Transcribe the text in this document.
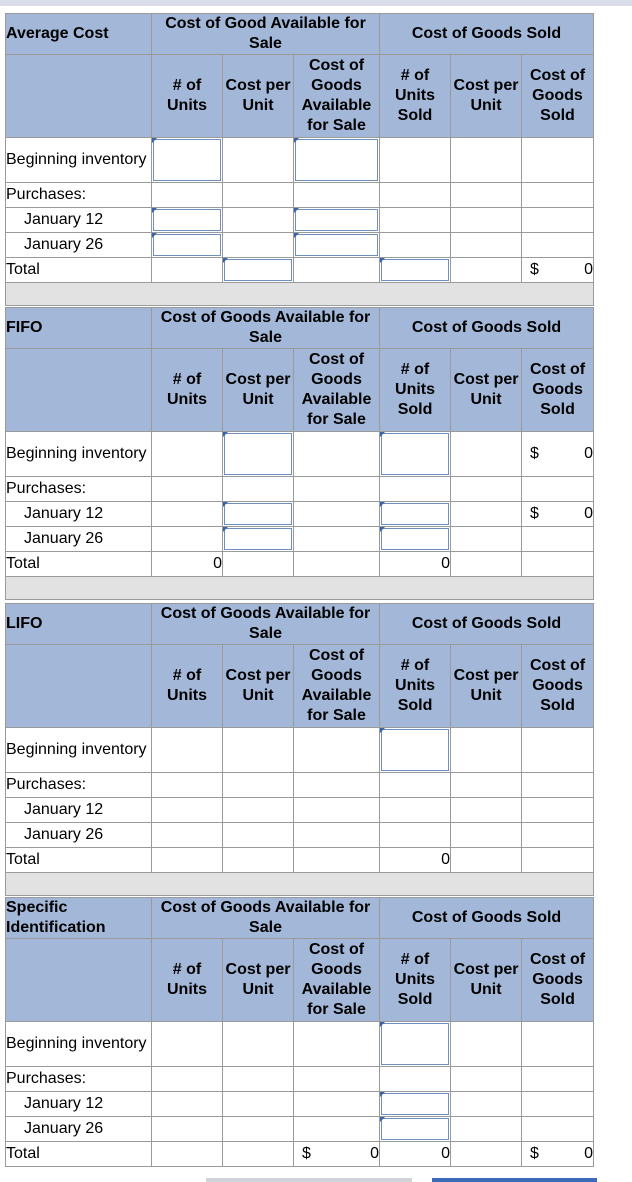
Average Cost	Cost of Good Available for Sale			Cost of Goods Sold		
	# of Units	Cost per Unit	Cost of Goods Available for Sale	# of Units Sold	Cost per Unit	Cost of Goods Sold
Beginning inventory						
Purchases:						
January 12						
January 26						
Total						$ 0

FIFO	Cost of Goods Available for Sale			Cost of Goods Sold		
	# of Units	Cost per Unit	Cost of Goods Available for Sale	# of Units Sold	Cost per Unit	Cost of Goods Sold
Beginning inventory						$ 0
Purchases:						
January 12						$ 0
January 26						
Total	0			0		

LIFO	Cost of Goods Available for Sale			Cost of Goods Sold		
	# of Units	Cost per Unit	Cost of Goods Available for Sale	# of Units Sold	Cost per Unit	Cost of Goods Sold
Beginning inventory						
Purchases:						
January 12						
January 26						
Total				0		

Specific Identification	Cost of Goods Available for Sale			Cost of Goods Sold		
	# of Units	Cost per Unit	Cost of Goods Available for Sale	# of Units Sold	Cost per Unit	Cost of Goods Sold
Beginning inventory						
Purchases:						
January 12						
January 26						
Total			$ 0	0		$ 0
